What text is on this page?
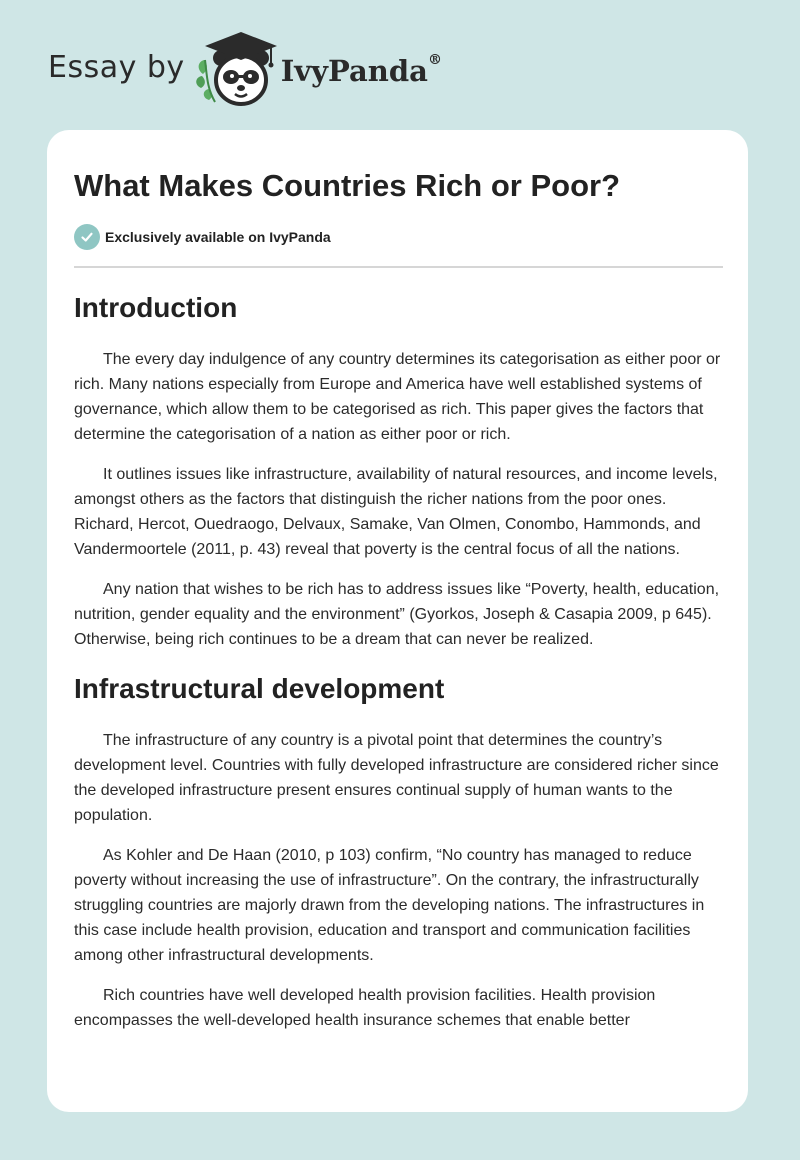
Essay by	IvyPanda®
What Makes Countries Rich or Poor?
Exclusively available on IvyPanda
Introduction

The every day indulgence of any country determines its categorisation as either poor or rich. Many nations especially from Europe and America have well established systems of governance, which allow them to be categorised as rich. This paper gives the factors that determine the categorisation of a nation as either poor or rich.

It outlines issues like infrastructure, availability of natural resources, and income levels, amongst others as the factors that distinguish the richer nations from the poor ones. Richard, Hercot, Ouedraogo, Delvaux, Samake, Van Olmen, Conombo, Hammonds, and Vandermoortele (2011, p. 43) reveal that poverty is the central focus of all the nations.

Any nation that wishes to be rich has to address issues like “Poverty, health, education, nutrition, gender equality and the environment” (Gyorkos, Joseph & Casapia 2009, p 645). Otherwise, being rich continues to be a dream that can never be realized.

Infrastructural development

The infrastructure of any country is a pivotal point that determines the country’s development level. Countries with fully developed infrastructure are considered richer since the developed infrastructure present ensures continual supply of human wants to the population.

As Kohler and De Haan (2010, p 103) confirm, “No country has managed to reduce poverty without increasing the use of infrastructure”. On the contrary, the infrastructurally struggling countries are majorly drawn from the developing nations. The infrastructures in this case include health provision, education and transport and communication facilities among other infrastructural developments.

Rich countries have well developed health provision facilities. Health provision encompasses the well-developed health insurance schemes that enable better
